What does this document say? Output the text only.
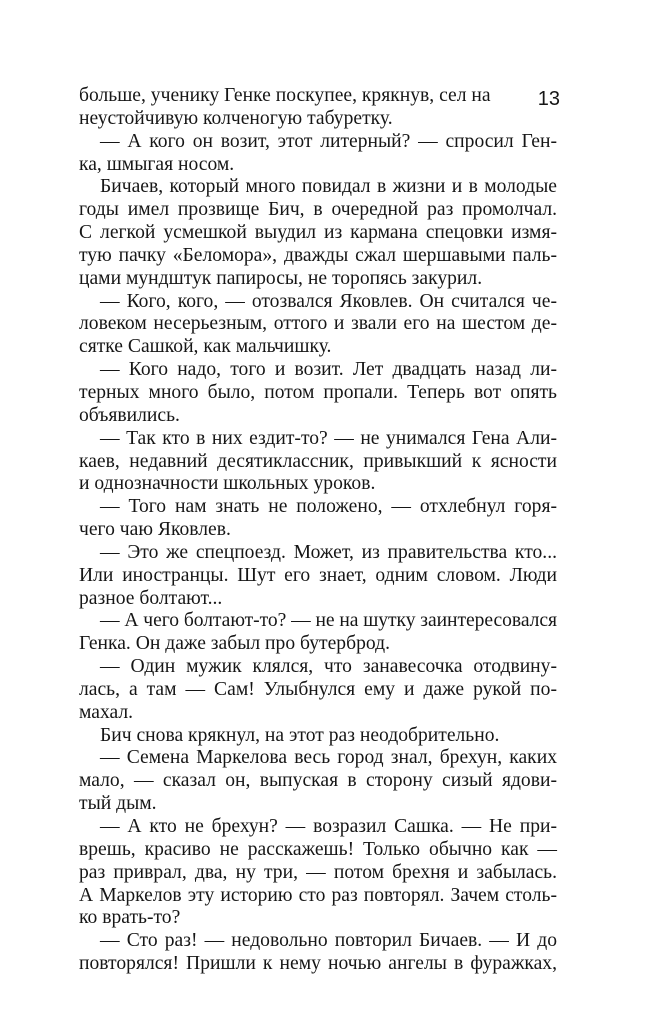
13
больше, ученику Генке поскупее, крякнув, сел на
неустойчивую колченогую табуретку.
— А кого он возит, этот литерный? — спросил Ген-
ка, шмыгая носом.
Бичаев, который много повидал в жизни и в молодые
годы имел прозвище Бич, в очередной раз промолчал.
С легкой усмешкой выудил из кармана спецовки измя-
тую пачку «Беломора», дважды сжал шершавыми паль-
цами мундштук папиросы, не торопясь закурил.
— Кого, кого, — отозвался Яковлев. Он считался че-
ловеком несерьезным, оттого и звали его на шестом де-
сятке Сашкой, как мальчишку.
— Кого надо, того и возит. Лет двадцать назад ли-
терных много было, потом пропали. Теперь вот опять
объявились.
— Так кто в них ездит-то? — не унимался Гена Али-
каев, недавний десятиклассник, привыкший к ясности
и однозначности школьных уроков.
— Того нам знать не положено, — отхлебнул горя-
чего чаю Яковлев.
— Это же спецпоезд. Может, из правительства кто...
Или иностранцы. Шут его знает, одним словом. Люди
разное болтают...
— А чего болтают-то? — не на шутку заинтересовался
Генка. Он даже забыл про бутерброд.
— Один мужик клялся, что занавесочка отодвину-
лась, а там — Сам! Улыбнулся ему и даже рукой по-
махал.
Бич снова крякнул, на этот раз неодобрительно.
— Семена Маркелова весь город знал, брехун, каких
мало, — сказал он, выпуская в сторону сизый ядови-
тый дым.
— А кто не брехун? — возразил Сашка. — Не при-
врешь, красиво не расскажешь! Только обычно как —
раз приврал, два, ну три, — потом брехня и забылась.
А Маркелов эту историю сто раз повторял. Зачем столь-
ко врать-то?
— Сто раз! — недовольно повторил Бичаев. — И до
повторялся! Пришли к нему ночью ангелы в фуражках,
